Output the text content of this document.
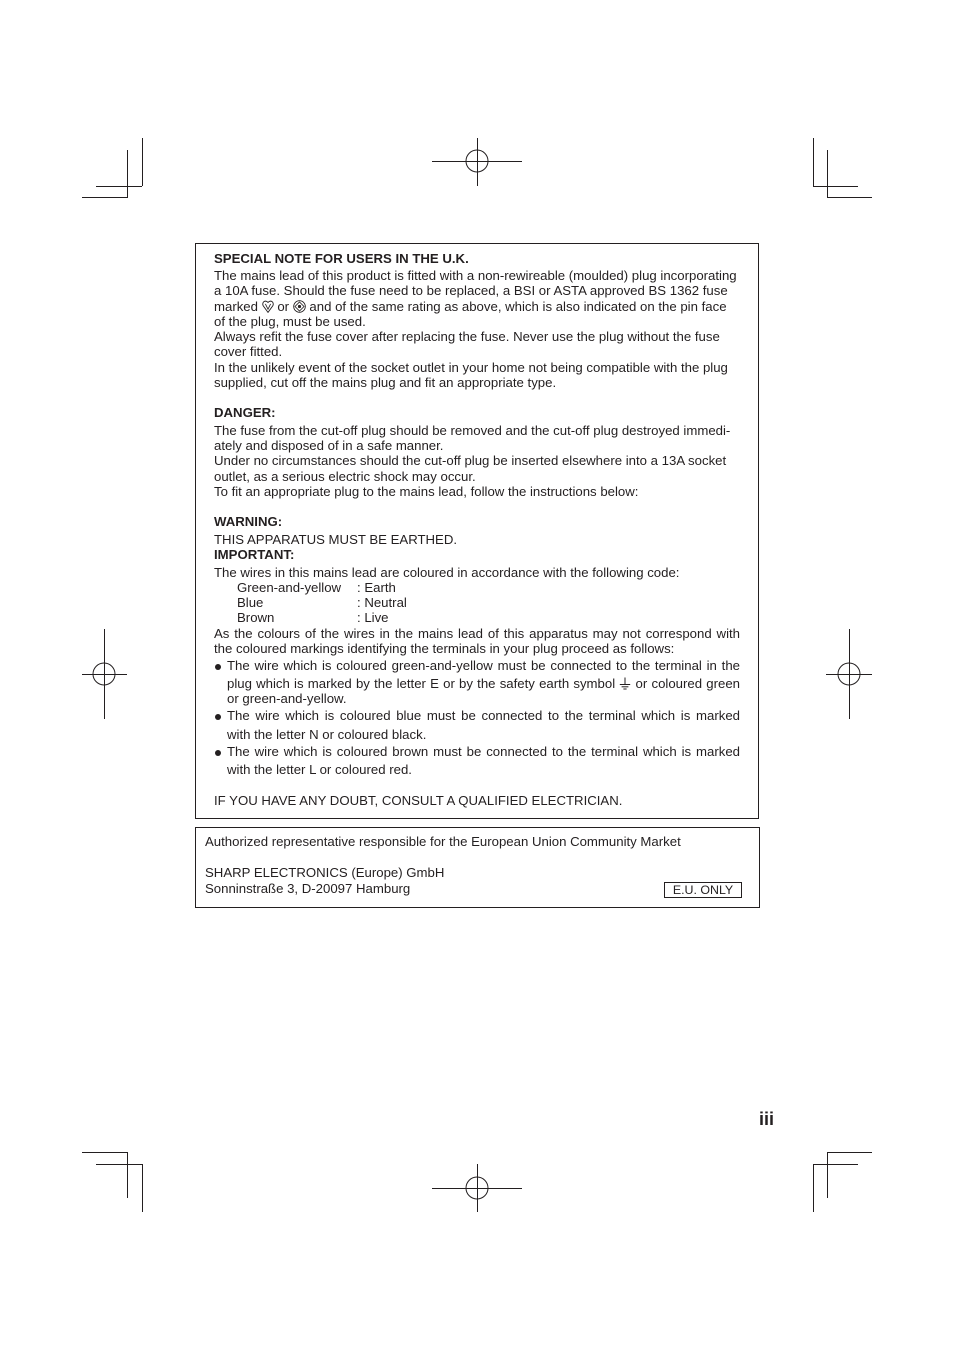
SPECIAL NOTE FOR USERS IN THE U.K.
The mains lead of this product is fitted with a non-rewireable (moulded) plug incorporating
a 10A fuse. Should the fuse need to be replaced, a BSI or ASTA approved BS 1362 fuse
marked or and of the same rating as above, which is also indicated on the pin face
of the plug, must be used.
Always refit the fuse cover after replacing the fuse. Never use the plug without the fuse
cover fitted.
In the unlikely event of the socket outlet in your home not being compatible with the plug
supplied, cut off the mains plug and fit an appropriate type.
DANGER:
The fuse from the cut-off plug should be removed and the cut-off plug destroyed immedi-
ately and disposed of in a safe manner.
Under no circumstances should the cut-off plug be inserted elsewhere into a 13A socket
outlet, as a serious electric shock may occur.
To fit an appropriate plug to the mains lead, follow the instructions below:
WARNING:
THIS APPARATUS MUST BE EARTHED.
IMPORTANT:
The wires in this mains lead are coloured in accordance with the following code:
Green-and-yellow : Earth
Blue	: Neutral
Brown	: Live
As the colours of the wires in the mains lead of this apparatus may not correspond with
the coloured markings identifying the terminals in your plug proceed as follows:
The wire which is coloured green-and-yellow must be connected to the terminal in the
plug which is marked by the letter E or by the safety earth symbol or coloured green
or green-and-yellow.
The wire which is coloured blue must be connected to the terminal which is marked
with the letter N or coloured black.
The wire which is coloured brown must be connected to the terminal which is marked
with the letter L or coloured red.
IF YOU HAVE ANY DOUBT, CONSULT A QUALIFIED ELECTRICIAN.
Authorized representative responsible for the European Union Community Market
SHARP ELECTRONICS (Europe) GmbH
Sonninstraße 3, D-20097 Hamburg	E.U. ONLY
iii
